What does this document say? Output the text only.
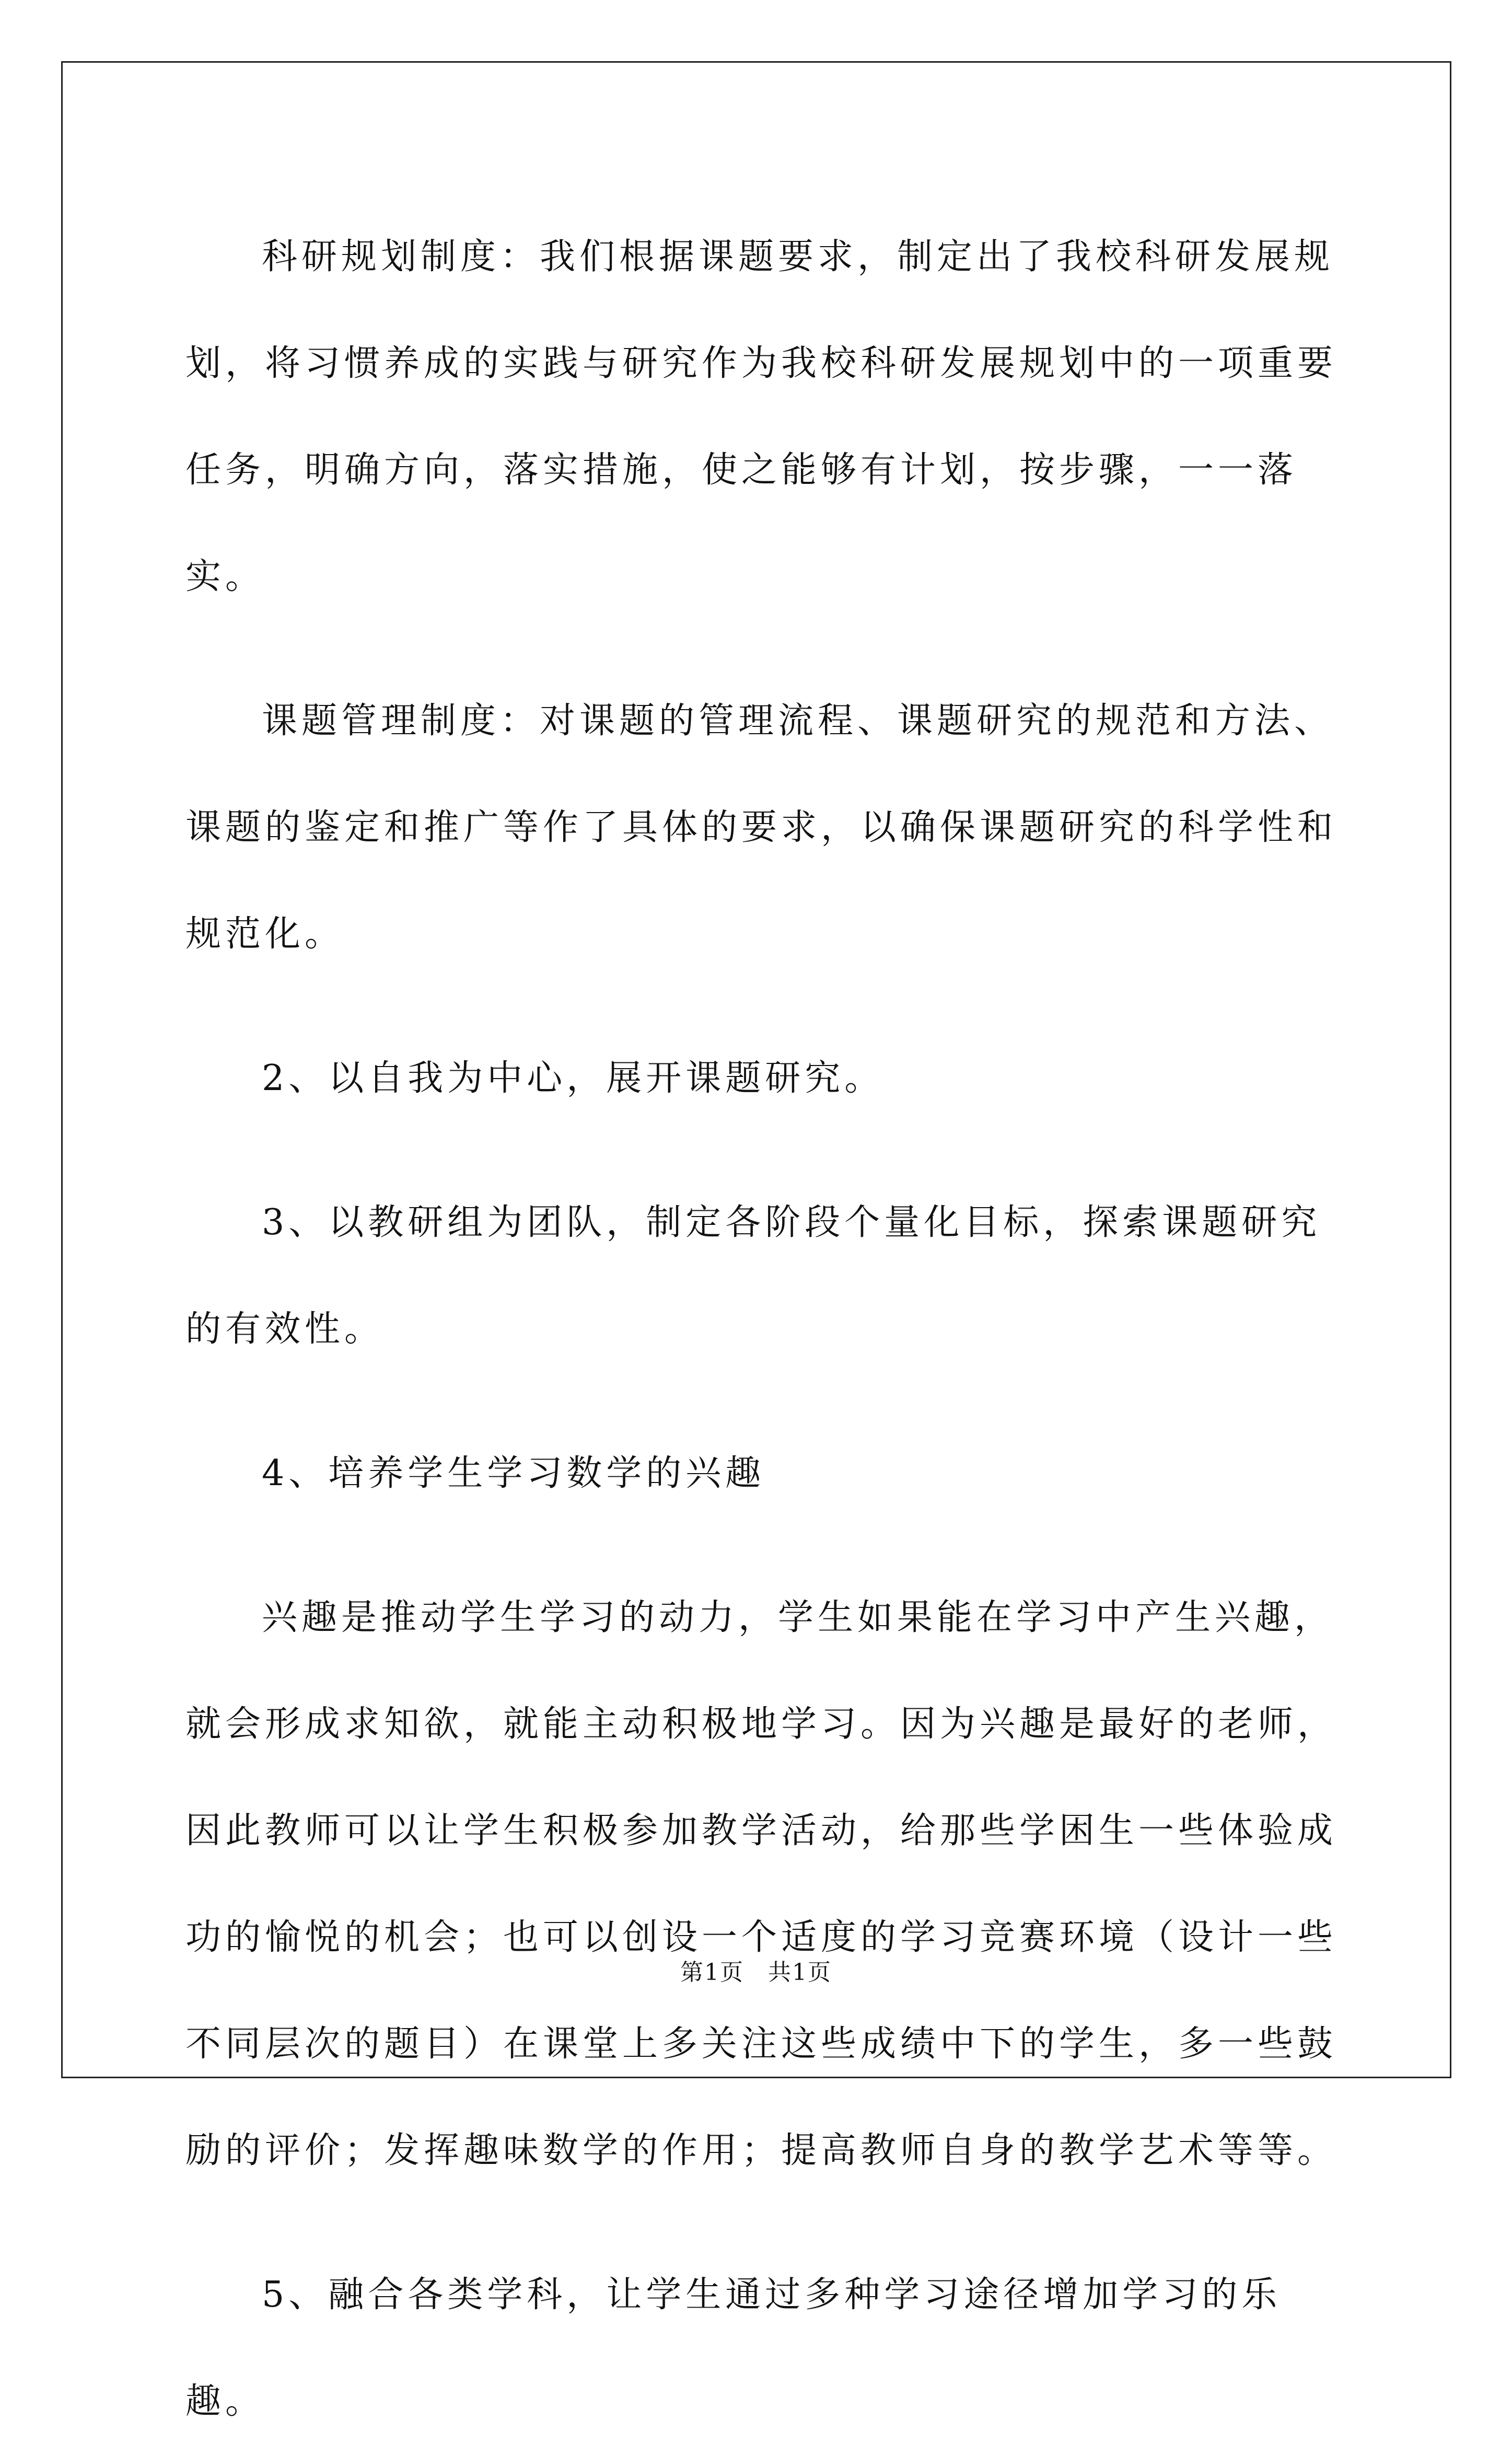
科研规划制度：我们根据课题要求，制定出了我校科研发展规划，将习惯养成的实践与研究作为我校科研发展规划中的一项重要任务，明确方向，落实措施，使之能够有计划，按步骤，一一落实。

课题管理制度：对课题的管理流程、课题研究的规范和方法、课题的鉴定和推广等作了具体的要求，以确保课题研究的科学性和规范化。

2、以自我为中心，展开课题研究。

3、以教研组为团队，制定各阶段个量化目标，探索课题研究的有效性。

4、培养学生学习数学的兴趣

兴趣是推动学生学习的动力，学生如果能在学习中产生兴趣，就会形成求知欲，就能主动积极地学习。因为兴趣是最好的老师，因此教师可以让学生积极参加教学活动，给那些学困生一些体验成功的愉悦的机会；也可以创设一个适度的学习竞赛环境（设计一些不同层次的题目）在课堂上多关注这些成绩中下的学生，多一些鼓励的评价；发挥趣味数学的作用；提高教师自身的教学艺术等等。

5、融合各类学科，让学生通过多种学习途径增加学习的乐趣。

第1页　共1页
